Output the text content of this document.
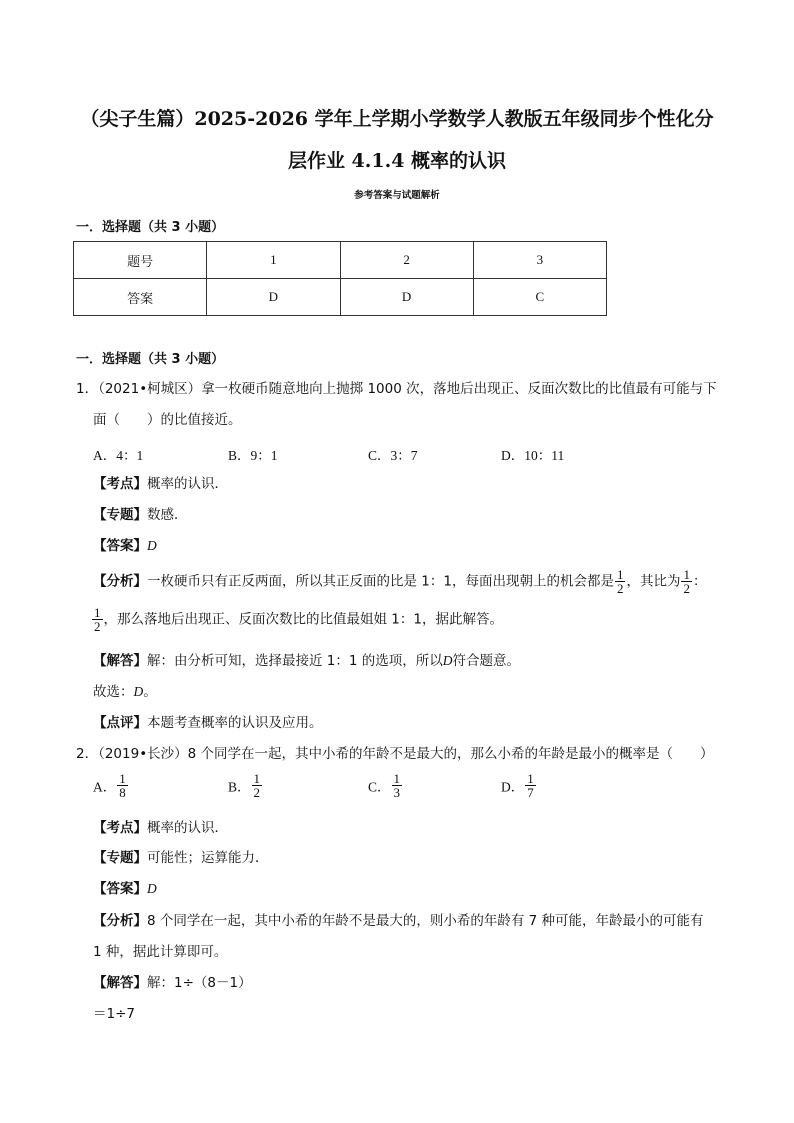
（尖子生篇）2025-2026 学年上学期小学数学人教版五年级同步个性化分
层作业 4.1.4 概率的认识
参考答案与试题解析
一．选择题（共 3 小题）
题号	1	2	3
答案	D	D	C
一．选择题（共 3 小题）
1．（2021•柯城区）拿一枚硬币随意地向上抛掷 1000 次，落地后出现正、反面次数比的比值最有可能与下
面（　　）的比值接近。
A．4：1	B．9：1	C．3：7	D．10：11
【考点】概率的认识．
【专题】数感．
【答案】D
【分析】一枚硬币只有正反两面，所以其正反面的比是 1：1，每面出现朝上的机会都是 $\frac{1}{2}$ ，其比为 $\frac{1}{2}$ ：
$\frac{1}{2}$ ，那么落地后出现正、反面次数比的比值最姐姐 1：1，据此解答。
【解答】解：由分析可知，选择最接近 1：1 的选项，所以D符合题意。
故选：D。
【点评】本题考查概率的认识及应用。
2．（2019•长沙）8 个同学在一起，其中小希的年龄不是最大的，那么小希的年龄是最小的概率是（　　）
A． $\frac{1}{8}$	B． $\frac{1}{2}$	C． $\frac{1}{3}$	D． $\frac{1}{7}$
【考点】概率的认识．
【专题】可能性；运算能力．
【答案】D
【分析】8 个同学在一起，其中小希的年龄不是最大的，则小希的年龄有 7 种可能，年龄最小的可能有
1 种，据此计算即可。
【解答】解：1÷（8－1）
＝1÷7
